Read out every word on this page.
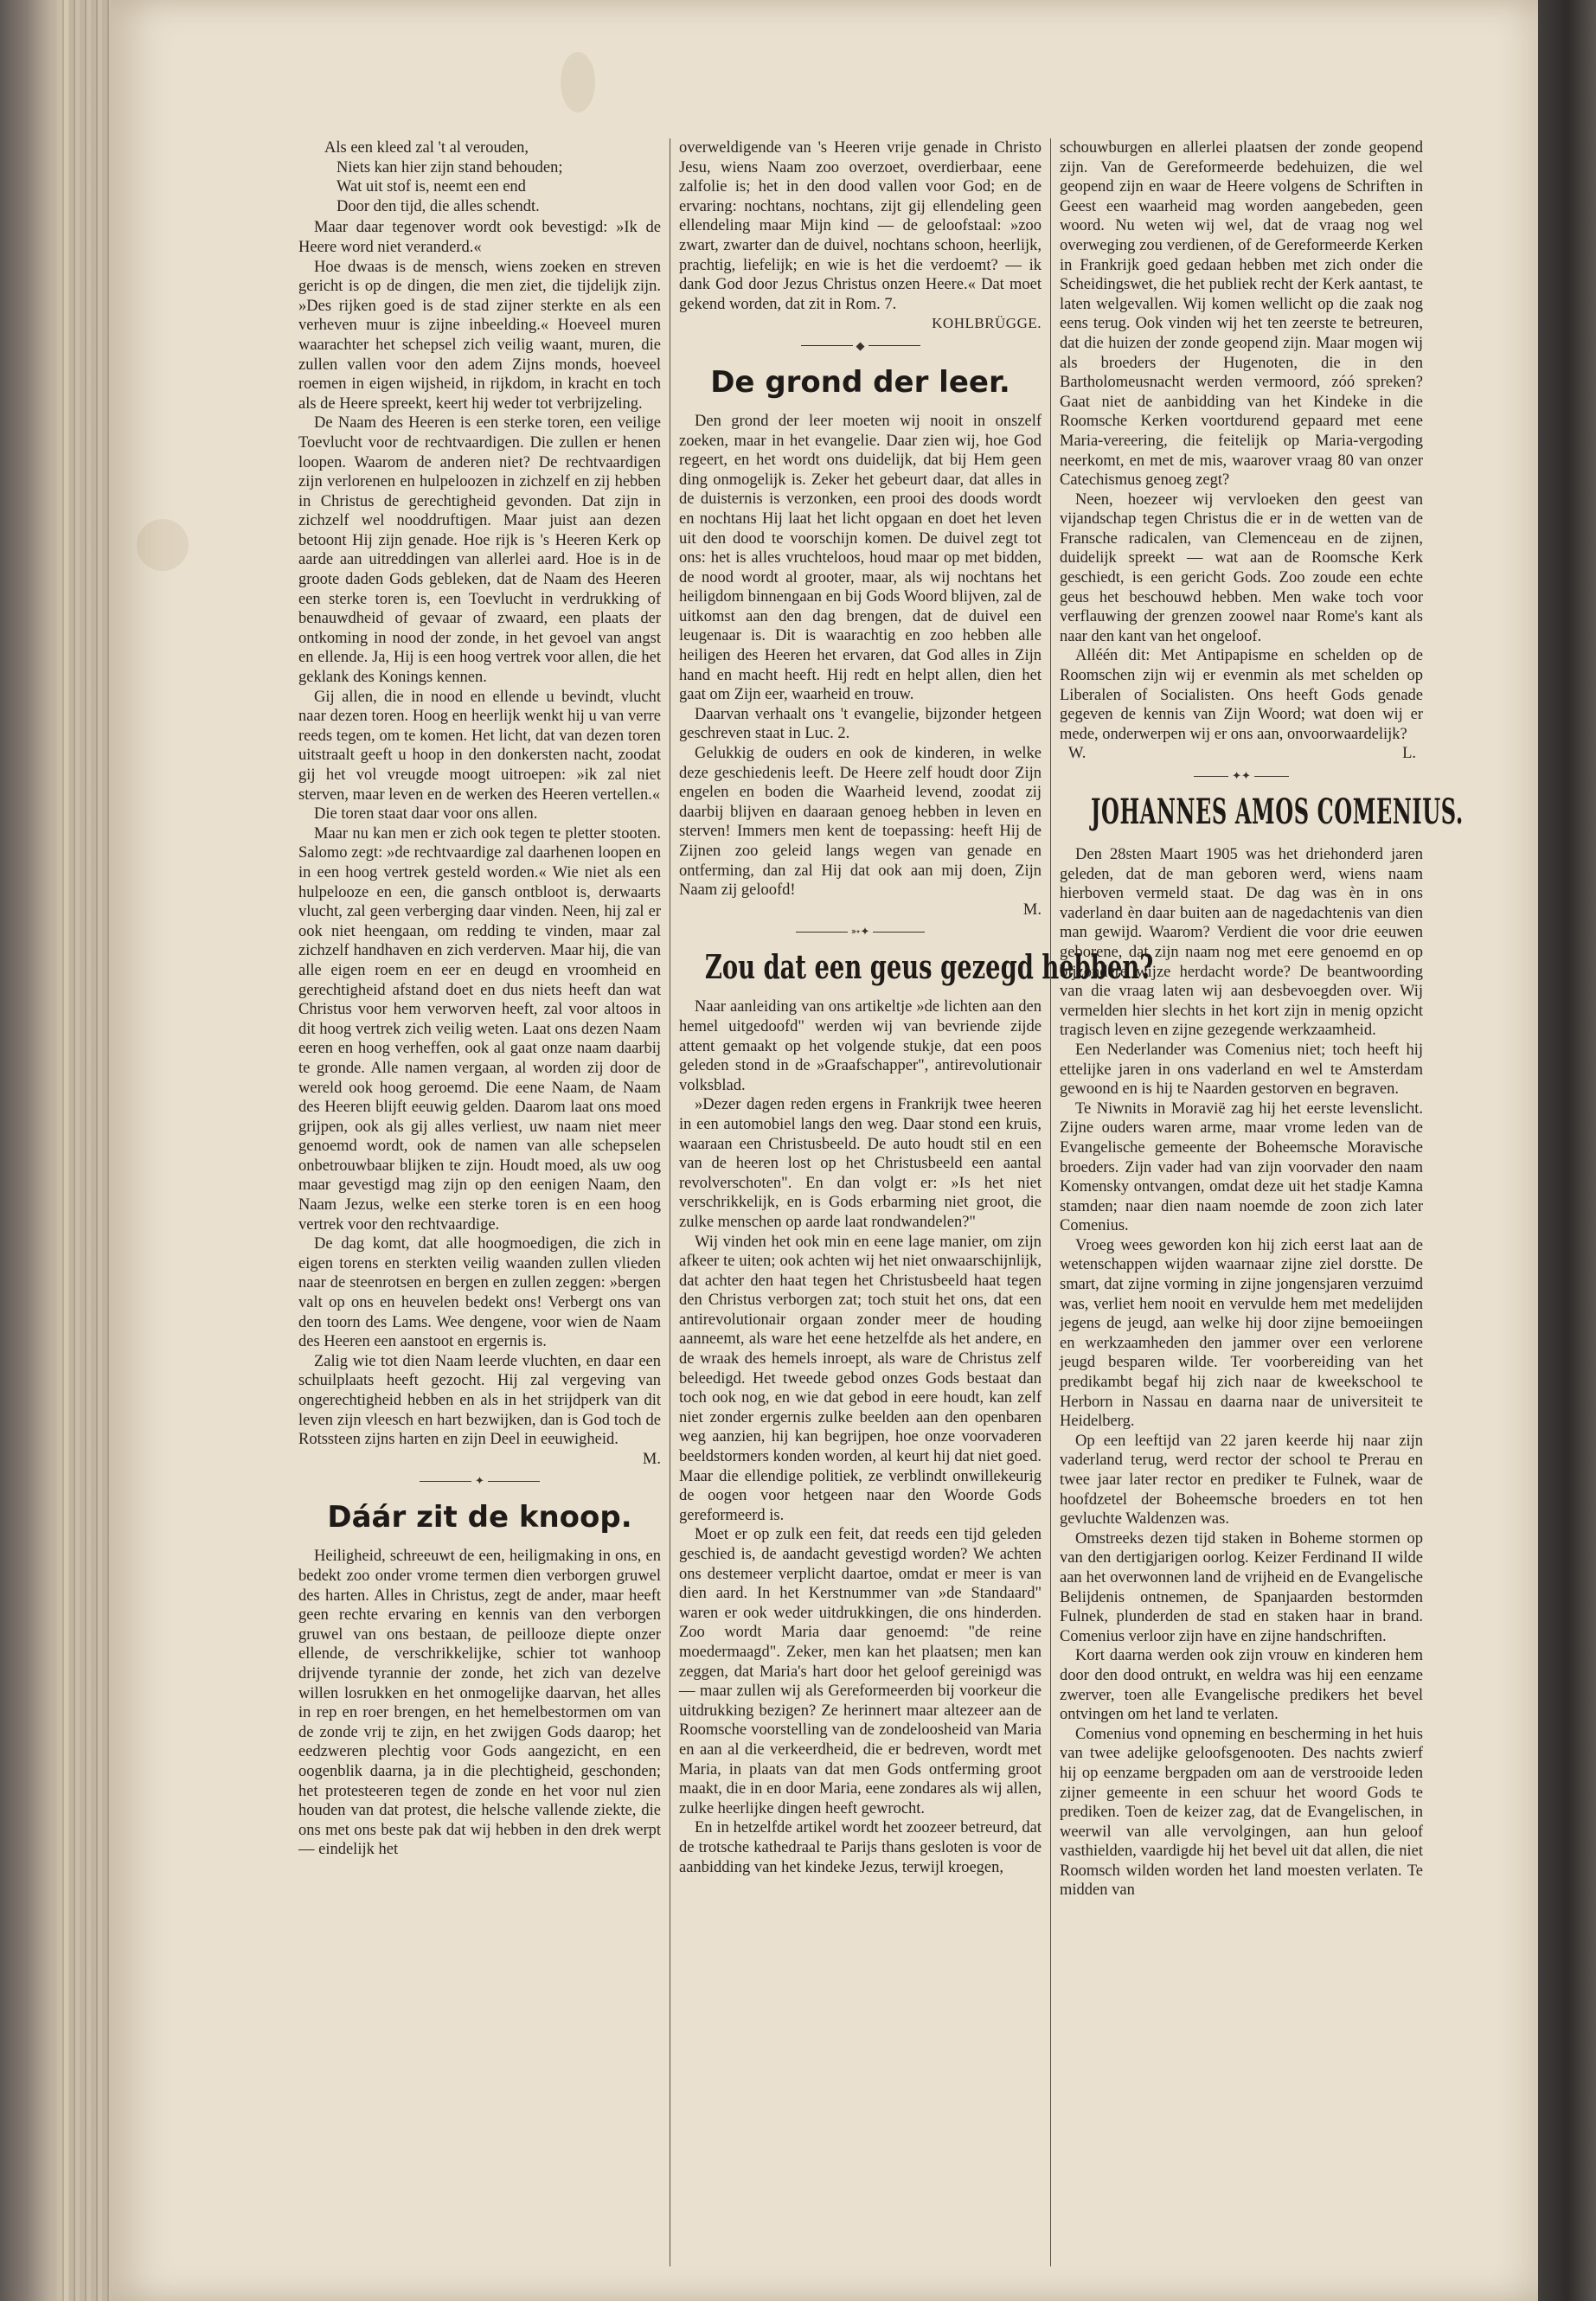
Als een kleed zal 't al verouden,
Niets kan hier zijn stand behouden;
Wat uit stof is, neemt een end
Door den tijd, die alles schendt.

Maar daar tegenover wordt ook bevestigd: »Ik de Heere word niet veranderd.«

Hoe dwaas is de mensch, wiens zoeken en streven gericht is op de dingen, die men ziet, die tijdelijk zijn. »Des rijken goed is de stad zijner sterkte en als een verheven muur is zijne inbeelding.« Hoeveel muren waarachter het schepsel zich veilig waant, muren, die zullen vallen voor den adem Zijns monds, hoeveel roemen in eigen wijsheid, in rijkdom, in kracht en toch als de Heere spreekt, keert hij weder tot verbrijzeling.

De Naam des Heeren is een sterke toren, een veilige Toevlucht voor de rechtvaardigen. Die zullen er henen loopen. Waarom de anderen niet? De rechtvaardigen zijn verlorenen en hulpeloozen in zichzelf en zij hebben in Christus de gerechtigheid gevonden. Dat zijn in zichzelf wel nooddruftigen. Maar juist aan dezen betoont Hij zijn genade. Hoe rijk is 's Heeren Kerk op aarde aan uitreddingen van allerlei aard. Hoe is in de groote daden Gods gebleken, dat de Naam des Heeren een sterke toren is, een Toevlucht in verdrukking of benauwdheid of gevaar of zwaard, een plaats der ontkoming in nood der zonde, in het gevoel van angst en ellende. Ja, Hij is een hoog vertrek voor allen, die het geklank des Konings kennen.

Gij allen, die in nood en ellende u bevindt, vlucht naar dezen toren. Hoog en heerlijk wenkt hij u van verre reeds tegen, om te komen. Het licht, dat van dezen toren uitstraalt geeft u hoop in den donkersten nacht, zoodat gij het vol vreugde moogt uitroepen: »ik zal niet sterven, maar leven en de werken des Heeren vertellen.«

Die toren staat daar voor ons allen.

Maar nu kan men er zich ook tegen te pletter stooten. Salomo zegt: »de rechtvaardige zal daarhenen loopen en in een hoog vertrek gesteld worden.« Wie niet als een hulpelooze en een, die gansch ontbloot is, derwaarts vlucht, zal geen verberging daar vinden. Neen, hij zal er ook niet heengaan, om redding te vinden, maar zal zichzelf handhaven en zich verderven. Maar hij, die van alle eigen roem en eer en deugd en vroomheid en gerechtigheid afstand doet en dus niets heeft dan wat Christus voor hem verworven heeft, zal voor altoos in dit hoog vertrek zich veilig weten. Laat ons dezen Naam eeren en hoog verheffen, ook al gaat onze naam daarbij te gronde. Alle namen vergaan, al worden zij door de wereld ook hoog geroemd. Die eene Naam, de Naam des Heeren blijft eeuwig gelden. Daarom laat ons moed grijpen, ook als gij alles verliest, uw naam niet meer genoemd wordt, ook de namen van alle schepselen onbetrouwbaar blijken te zijn. Houdt moed, als uw oog maar gevestigd mag zijn op den eenigen Naam, den Naam Jezus, welke een sterke toren is en een hoog vertrek voor den rechtvaardige.

De dag komt, dat alle hoogmoedigen, die zich in eigen torens en sterkten veilig waanden zullen vlieden naar de steenrotsen en bergen en zullen zeggen: »bergen valt op ons en heuvelen bedekt ons! Verbergt ons van den toorn des Lams. Wee dengene, voor wien de Naam des Heeren een aanstoot en ergernis is.

Zalig wie tot dien Naam leerde vluchten, en daar een schuilplaats heeft gezocht. Hij zal vergeving van ongerechtigheid hebben en als in het strijdperk van dit leven zijn vleesch en hart bezwijken, dan is God toch de Rotssteen zijns harten en zijn Deel in eeuwigheid.

M.

✦
Dáár zit de knoop.

Heiligheid, schreeuwt de een, heiligmaking in ons, en bedekt zoo onder vrome termen dien verborgen gruwel des harten. Alles in Christus, zegt de ander, maar heeft geen rechte ervaring en kennis van den verborgen gruwel van ons bestaan, de peillooze diepte onzer ellende, de verschrikkelijke, schier tot wanhoop drijvende tyrannie der zonde, het zich van dezelve willen losrukken en het onmogelijke daarvan, het alles in rep en roer brengen, en het hemelbestormen om van de zonde vrij te zijn, en het zwijgen Gods daarop; het eedzweren plechtig voor Gods aangezicht, en een oogenblik daarna, ja in die plechtigheid, geschonden; het protesteeren tegen de zonde en het voor nul zien houden van dat protest, die helsche vallende ziekte, die ons met ons beste pak dat wij hebben in den drek werpt — eindelijk het

overweldigende van 's Heeren vrije genade in Christo Jesu, wiens Naam zoo overzoet, overdierbaar, eene zalfolie is; het in den dood vallen voor God; en de ervaring: nochtans, nochtans, zijt gij ellendeling geen ellendeling maar Mijn kind — de geloofstaal: »zoo zwart, zwarter dan de duivel, nochtans schoon, heerlijk, prachtig, liefelijk; en wie is het die verdoemt? — ik dank God door Jezus Christus onzen Heere.« Dat moet gekend worden, dat zit in Rom. 7.

KOHLBRÜGGE.

◆
De grond der leer.

Den grond der leer moeten wij nooit in onszelf zoeken, maar in het evangelie. Daar zien wij, hoe God regeert, en het wordt ons duidelijk, dat bij Hem geen ding onmogelijk is. Zeker het gebeurt daar, dat alles in de duisternis is verzonken, een prooi des doods wordt en nochtans Hij laat het licht opgaan en doet het leven uit den dood te voorschijn komen. De duivel zegt tot ons: het is alles vruchteloos, houd maar op met bidden, de nood wordt al grooter, maar, als wij nochtans het heiligdom binnengaan en bij Gods Woord blijven, zal de uitkomst aan den dag brengen, dat de duivel een leugenaar is. Dit is waarachtig en zoo hebben alle heiligen des Heeren het ervaren, dat God alles in Zijn hand en macht heeft. Hij redt en helpt allen, dien het gaat om Zijn eer, waarheid en trouw.

Daarvan verhaalt ons 't evangelie, bijzonder hetgeen geschreven staat in Luc. 2.

Gelukkig de ouders en ook de kinderen, in welke deze geschiedenis leeft. De Heere zelf houdt door Zijn engelen en boden die Waarheid levend, zoodat zij daarbij blijven en daaraan genoeg hebben in leven en sterven! Immers men kent de toepassing: heeft Hij de Zijnen zoo geleid langs wegen van genade en ontferming, dan zal Hij dat ook aan mij doen, Zijn Naam zij geloofd!

M.

➳✦
Zou dat een geus gezegd hebben?

Naar aanleiding van ons artikeltje »de lichten aan den hemel uitgedoofd" werden wij van bevriende zijde attent gemaakt op het volgende stukje, dat een poos geleden stond in de »Graafschapper", antirevolutionair volksblad.

»Dezer dagen reden ergens in Frankrijk twee heeren in een automobiel langs den weg. Daar stond een kruis, waaraan een Christusbeeld. De auto houdt stil en een van de heeren lost op het Christusbeeld een aantal revolverschoten". En dan volgt er: »Is het niet verschrikkelijk, en is Gods erbarming niet groot, die zulke menschen op aarde laat rondwandelen?"

Wij vinden het ook min en eene lage manier, om zijn afkeer te uiten; ook achten wij het niet onwaarschijnlijk, dat achter den haat tegen het Christusbeeld haat tegen den Christus verborgen zat; toch stuit het ons, dat een antirevolutionair orgaan zonder meer de houding aanneemt, als ware het eene hetzelfde als het andere, en de wraak des hemels inroept, als ware de Christus zelf beleedigd. Het tweede gebod onzes Gods bestaat dan toch ook nog, en wie dat gebod in eere houdt, kan zelf niet zonder ergernis zulke beelden aan den openbaren weg aanzien, hij kan begrijpen, hoe onze voorvaderen beeldstormers konden worden, al keurt hij dat niet goed. Maar die ellendige politiek, ze verblindt onwillekeurig de oogen voor hetgeen naar den Woorde Gods gereformeerd is.

Moet er op zulk een feit, dat reeds een tijd geleden geschied is, de aandacht gevestigd worden? We achten ons destemeer verplicht daartoe, omdat er meer is van dien aard. In het Kerstnummer van »de Standaard" waren er ook weder uitdrukkingen, die ons hinderden. Zoo wordt Maria daar genoemd: "de reine moedermaagd". Zeker, men kan het plaatsen; men kan zeggen, dat Maria's hart door het geloof gereinigd was — maar zullen wij als Gereformeerden bij voorkeur die uitdrukking bezigen? Ze herinnert maar altezeer aan de Roomsche voorstelling van de zondeloosheid van Maria en aan al die verkeerdheid, die er bedreven, wordt met Maria, in plaats van dat men Gods ontferming groot maakt, die in en door Maria, eene zondares als wij allen, zulke heerlijke dingen heeft gewrocht.

En in hetzelfde artikel wordt het zoozeer betreurd, dat de trotsche kathedraal te Parijs thans gesloten is voor de aanbidding van het kindeke Jezus, terwijl kroegen,

schouwburgen en allerlei plaatsen der zonde geopend zijn. Van de Gereformeerde bedehuizen, die wel geopend zijn en waar de Heere volgens de Schriften in Geest een waarheid mag worden aangebeden, geen woord. Nu weten wij wel, dat de vraag nog wel overweging zou verdienen, of de Gereformeerde Kerken in Frankrijk goed gedaan hebben met zich onder die Scheidingswet, die het publiek recht der Kerk aantast, te laten welgevallen. Wij komen wellicht op die zaak nog eens terug. Ook vinden wij het ten zeerste te betreuren, dat die huizen der zonde geopend zijn. Maar mogen wij als broeders der Hugenoten, die in den Bartholomeusnacht werden vermoord, zóó spreken? Gaat niet de aanbidding van het Kindeke in die Roomsche Kerken voortdurend gepaard met eene Maria-vereering, die feitelijk op Maria-vergoding neerkomt, en met de mis, waarover vraag 80 van onzer Catechismus genoeg zegt?

Neen, hoezeer wij vervloeken den geest van vijandschap tegen Christus die er in de wetten van de Fransche radicalen, van Clemenceau en de zijnen, duidelijk spreekt — wat aan de Roomsche Kerk geschiedt, is een gericht Gods. Zoo zoude een echte geus het beschouwd hebben. Men wake toch voor verflauwing der grenzen zoowel naar Rome's kant als naar den kant van het ongeloof.

Alléén dit: Met Antipapisme en schelden op de Roomschen zijn wij er evenmin als met schelden op Liberalen of Socialisten. Ons heeft Gods genade gegeven de kennis van Zijn Woord; wat doen wij er mede, onderwerpen wij er ons aan, onvoorwaardelijk?

W.	L.
✦✦
JOHANNES AMOS COMENIUS.

Den 28sten Maart 1905 was het driehonderd jaren geleden, dat de man geboren werd, wiens naam hierboven vermeld staat. De dag was èn in ons vaderland èn daar buiten aan de nagedachtenis van dien man gewijd. Waarom? Verdient die voor drie eeuwen geborene, dat zijn naam nog met eere genoemd en op bijzondere wijze herdacht worde? De beantwoording van die vraag laten wij aan desbevoegden over. Wij vermelden hier slechts in het kort zijn in menig opzicht tragisch leven en zijne gezegende werkzaamheid.

Een Nederlander was Comenius niet; toch heeft hij ettelijke jaren in ons vaderland en wel te Amsterdam gewoond en is hij te Naarden gestorven en begraven.

Te Niwnits in Moravië zag hij het eerste levenslicht. Zijne ouders waren arme, maar vrome leden van de Evangelische gemeente der Boheemsche Moravische broeders. Zijn vader had van zijn voorvader den naam Komensky ontvangen, omdat deze uit het stadje Kamna stamden; naar dien naam noemde de zoon zich later Comenius.

Vroeg wees geworden kon hij zich eerst laat aan de wetenschappen wijden waarnaar zijne ziel dorstte. De smart, dat zijne vorming in zijne jongensjaren verzuimd was, verliet hem nooit en vervulde hem met medelijden jegens de jeugd, aan welke hij door zijne bemoeiingen en werkzaamheden den jammer over een verlorene jeugd besparen wilde. Ter voorbereiding van het predikambt begaf hij zich naar de kweekschool te Herborn in Nassau en daarna naar de universiteit te Heidelberg.

Op een leeftijd van 22 jaren keerde hij naar zijn vaderland terug, werd rector der school te Prerau en twee jaar later rector en prediker te Fulnek, waar de hoofdzetel der Boheemsche broeders en tot hen gevluchte Waldenzen was.

Omstreeks dezen tijd staken in Boheme stormen op van den dertigjarigen oorlog. Keizer Ferdinand II wilde aan het overwonnen land de vrijheid en de Evangelische Belijdenis ontnemen, de Spanjaarden bestormden Fulnek, plunderden de stad en staken haar in brand. Comenius verloor zijn have en zijne handschriften.

Kort daarna werden ook zijn vrouw en kinderen hem door den dood ontrukt, en weldra was hij een eenzame zwerver, toen alle Evangelische predikers het bevel ontvingen om het land te verlaten.

Comenius vond opneming en bescherming in het huis van twee adelijke geloofsgenooten. Des nachts zwierf hij op eenzame bergpaden om aan de verstrooide leden zijner gemeente in een schuur het woord Gods te prediken. Toen de keizer zag, dat de Evangelischen, in weerwil van alle vervolgingen, aan hun geloof vasthielden, vaardigde hij het bevel uit dat allen, die niet Roomsch wilden worden het land moesten verlaten. Te midden van
